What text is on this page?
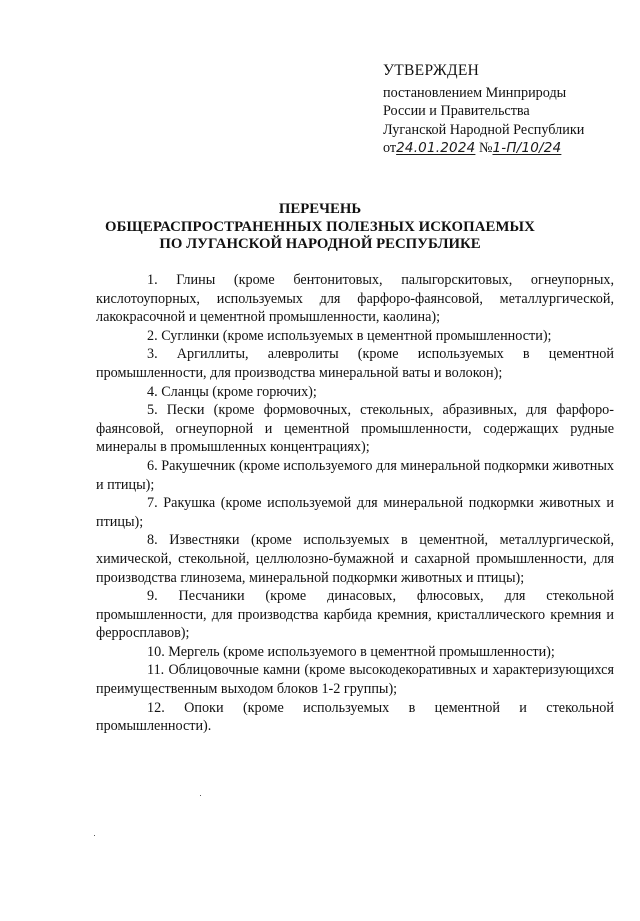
УТВЕРЖДЕН
постановлением Минприроды
России и Правительства
Луганской Народной Республики
от24.01.2024 №1-П/10/24
ПЕРЕЧЕНЬ
ОБЩЕРАСПРОСТРАНЕННЫХ ПОЛЕЗНЫХ ИСКОПАЕМЫХ
ПО ЛУГАНСКОЙ НАРОДНОЙ РЕСПУБЛИКЕ

1. Глины (кроме бентонитовых, палыгорскитовых, огнеупорных, кислотоупорных, используемых для фарфоро-фаянсовой, металлургической, лакокрасочной и цементной промышленности, каолина);

2. Суглинки (кроме используемых в цементной промышленности);

3. Аргиллиты, алевролиты (кроме используемых в цементной промышленности, для производства минеральной ваты и волокон);

4. Сланцы (кроме горючих);

5. Пески (кроме формовочных, стекольных, абразивных, для фарфоро-фаянсовой, огнеупорной и цементной промышленности, содержащих рудные минералы в промышленных концентрациях);

6. Ракушечник (кроме используемого для минеральной подкормки животных и птицы);

7. Ракушка (кроме используемой для минеральной подкормки животных и птицы);

8. Известняки (кроме используемых в цементной, металлургической, химической, стекольной, целлюлозно-бумажной и сахарной промышленности, для производства глинозема, минеральной подкормки животных и птицы);

9. Песчаники (кроме динасовых, флюсовых, для стекольной промышленности, для производства карбида кремния, кристаллического кремния и ферросплавов);

10. Мергель (кроме используемого в цементной промышленности);

11. Облицовочные камни (кроме высокодекоративных и характеризующихся преимущественным выходом блоков 1-2 группы);

12. Опоки (кроме используемых в цементной и стекольной промышленности).
